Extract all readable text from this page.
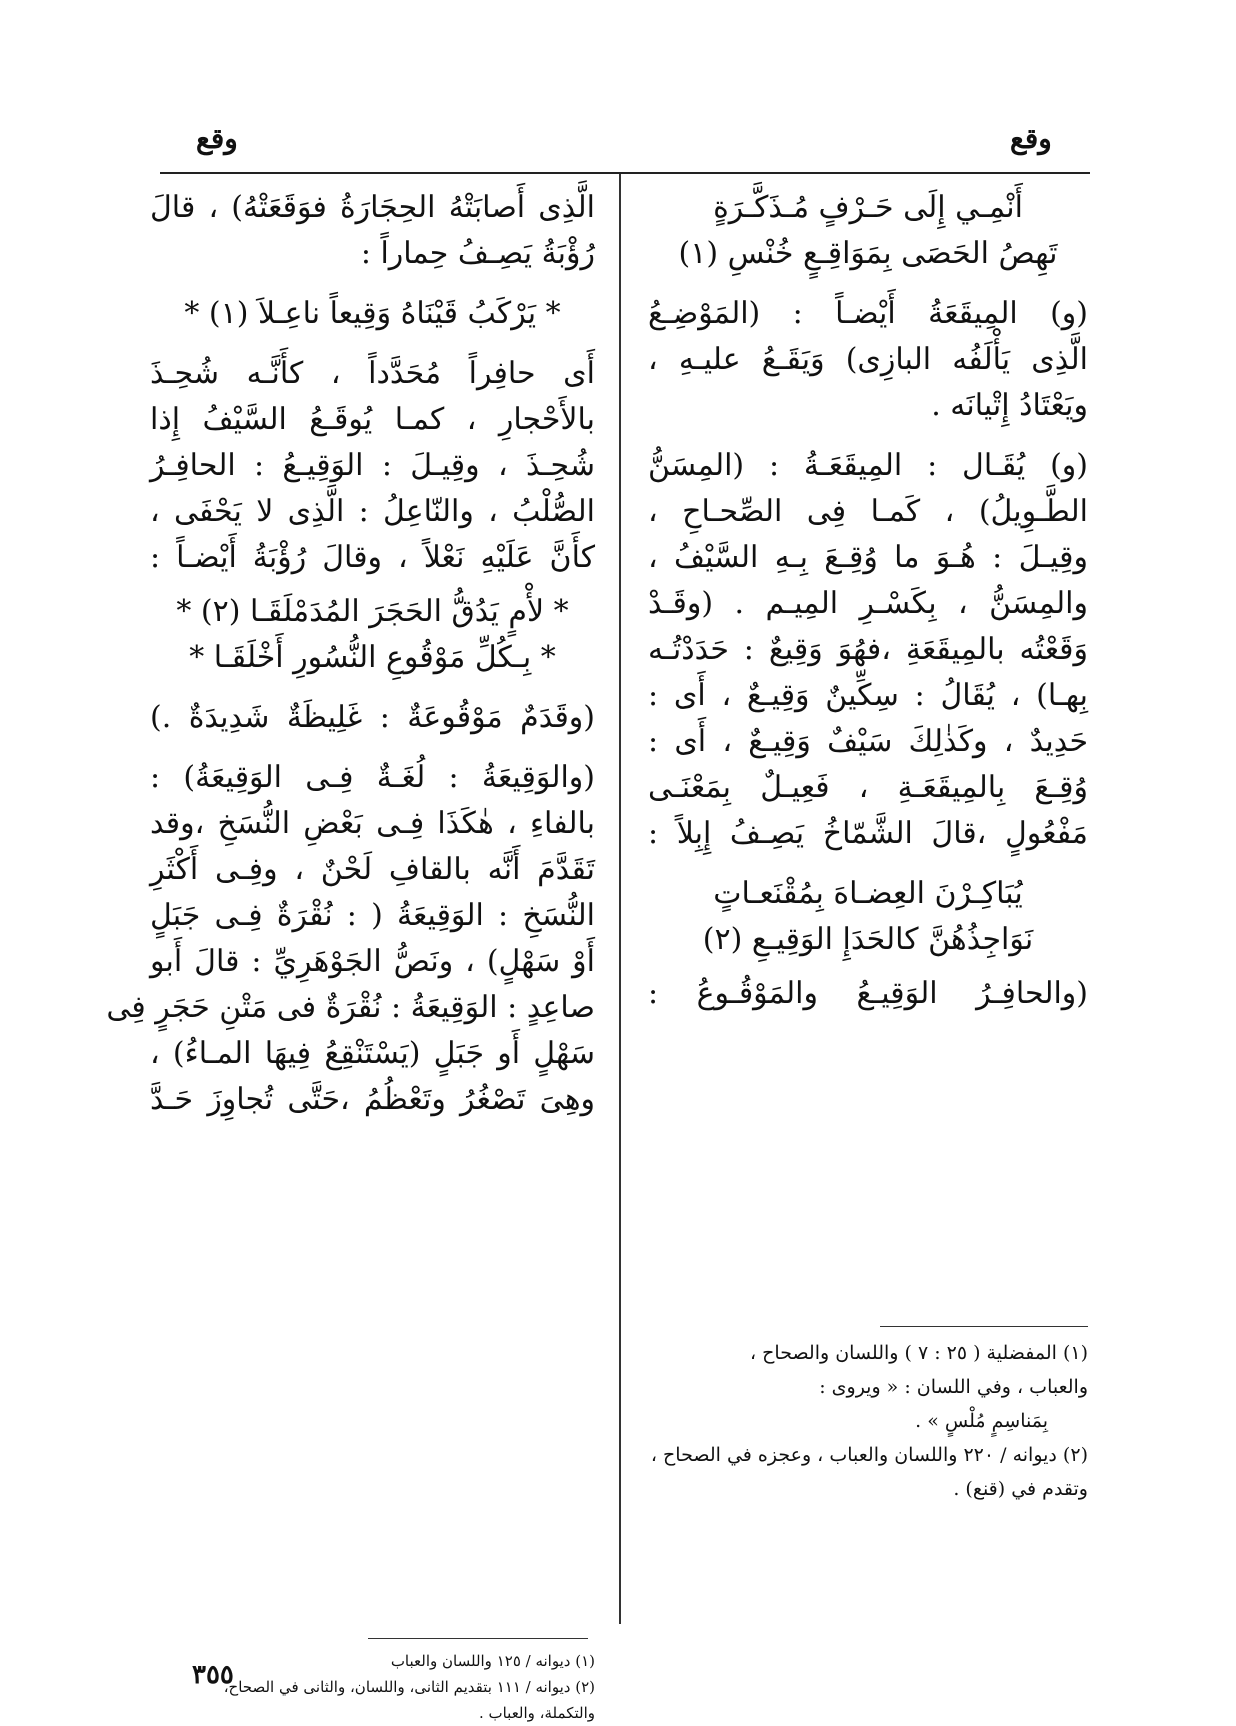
وقع	وقع
أَنْمِـي إِلَى حَـرْفٍ مُـذَكَّـرَةٍ
تَهِصُ الحَصَى بِمَوَاقِـعٍ خُنْسِ (١)
(و) المِيقَعَةُ أَيْضـاً : (المَوْضِـعُ
الَّذِى يَأْلَفُه البازِى) وَيَقَـعُ عليـهِ ،
ويَعْتَادُ إِتْيانَه .
(و) يُقَـال : المِيقَعَـةُ : (المِسَنُّ
الطَّـوِيلُ) ، كَمـا فِى الصِّحـاحِ ،
وقِيـلَ : هُـوَ ما وُقِـعَ بِـهِ السَّيْفُ ،
والمِسَنُّ ، بِكَسْـرِ المِيـم . (وقَـدْ
وَقَعْتُه بالمِيقَعَةِ ،فهُوَ وَقِيعٌ : حَدَدْتُـه
بِهـا) ، يُقَالُ : سِكِّينٌ وَقِيـعٌ ، أَى :
حَدِيدٌ ، وكَذٰلِكَ سَيْفٌ وَقِيـعٌ ، أَى :
وُقِـعَ بِالمِيقَعَـةِ ، فَعِيـلٌ بِمَعْنَـى
مَفْعُولٍ ،قالَ الشَّمّاخُ يَصِـفُ إِبِلاً :
يُبَاكِـرْنَ العِضـاهَ بِمُقْنَعـاتٍ
نَوَاجِذُهُنَّ كالحَدَإِ الوَقِيـعِ (٢)
(والحافِـرُ الوَقِيـعُ والمَوْقُـوعُ :
(١) المفضلية ( ٢٥ : ٧ ) واللسان والصحاح ،
والعباب ، وفي اللسان : « ويروى :
بِمَناسِمٍ مُلْسٍ » .
(٢) ديوانه / ٢٢٠ واللسان والعباب ، وعجزه في الصحاح ،
وتقدم في (قنع) .
الَّذِى أَصابَتْهُ الحِجَارَةُ فوَقَعَتْهُ) ، قالَ
رُؤْبَةُ يَصِـفُ حِماراً :
* يَرْكَبُ قَيْنَاهُ وَقِيعاً ناعِـلاَ (١) *
أَى حافِراً مُحَدَّداً ، كأَنَّـه شُحِـذَ
بالأَحْجارِ ، كمـا يُوقَـعُ السَّيْفُ إِذا
شُحِـذَ ، وقِيـلَ : الوَقِيـعُ : الحافِـرُ
الصُّلْبُ ، والنّاعِلُ : الَّذِى لا يَحْفَى ،
كأَنَّ عَلَيْهِ نَعْلاً ، وقالَ رُؤْبَةُ أَيْضـاً :
* لأْمٍ يَدُقُّ الحَجَرَ المُدَمْلَقَـا (٢) *
* بِـكُلِّ مَوْقُوعِ النُّسُورِ أَخْلَقَـا *
(وقَدَمٌ مَوْقُوعَةٌ : غَلِيظَةٌ شَدِيدَةٌ .)
(والوَقِيعَةُ : لُغَـةٌ فِـى الوَقِيعَةُ) :
بالفاءِ ، هٰكَذَا فِـى بَعْضِ النُّسَخِ ،وقد
تَقَدَّمَ أَنَّه بالقافِ لَحْنٌ ، وفِـى أَكْثَرِ
النُّسَخِ : الوَقِيعَةُ ( : نُقْرَةٌ فِـى جَبَلٍ
أَوْ سَهْلٍ) ، ونَصُّ الجَوْهَرِيِّ : قالَ أَبو
صاعِدٍ : الوَقِيعَةُ : نُقْرَةٌ فى مَتْنِ حَجَرٍ فِى
سَهْلٍ أَو جَبَلٍ (يَسْتَنْقِعُ فِيهَا المـاءُ) ،
وهِىَ تَصْغُرُ وتَعْظُمُ ،حَتَّى تُجاوِزَ حَـدَّ
(١) ديوانه / ١٢٥ واللسان والعباب
(٢) ديوانه / ١١١ بتقديم الثانى، واللسان، والثانى في الصحاح،
والتكملة، والعباب .
٣٥٥
